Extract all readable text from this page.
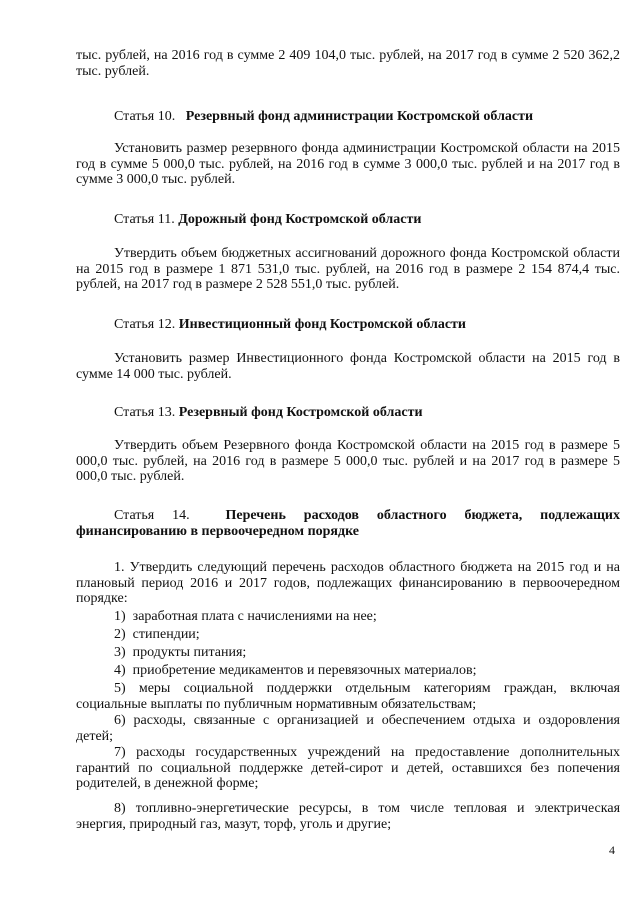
тыс. рублей, на 2016 год в сумме 2 409 104,0 тыс. рублей, на 2017 год в сумме 2 520 362,2 тыс. рублей.

Статья 10. Резервный фонд администрации Костромской области

Установить размер резервного фонда администрации Костромской области на 2015 год в сумме 5 000,0 тыс. рублей, на 2016 год в сумме 3 000,0 тыс. рублей и на 2017 год в сумме 3 000,0 тыс. рублей.

Статья 11. Дорожный фонд Костромской области

Утвердить объем бюджетных ассигнований дорожного фонда Костромской области на 2015 год в размере 1 871 531,0 тыс. рублей, на 2016 год в размере 2 154 874,4 тыс. рублей, на 2017 год в размере 2 528 551,0 тыс. рублей.

Статья 12. Инвестиционный фонд Костромской области

Установить размер Инвестиционного фонда Костромской области на 2015 год в сумме 14 000 тыс. рублей.

Статья 13. Резервный фонд Костромской области

Утвердить объем Резервного фонда Костромской области на 2015 год в размере 5 000,0 тыс. рублей, на 2016 год в размере 5 000,0 тыс. рублей и на 2017 год в размере 5 000,0 тыс. рублей.

Статья 14.	Перечень расходов областного бюджета, подлежащих финансированию в первоочередном порядке

1. Утвердить следующий перечень расходов областного бюджета на 2015 год и на плановый период 2016 и 2017 годов, подлежащих финансированию в первоочередном порядке:

1) заработная плата с начислениями на нее;
2) стипендии;
3) продукты питания;
4) приобретение медикаментов и перевязочных материалов;
5) меры социальной поддержки отдельным категориям граждан, включая социальные выплаты по публичным нормативным обязательствам;
6) расходы, связанные с организацией и обеспечением отдыха и оздоровления детей;
7) расходы государственных учреждений на предоставление дополнительных гарантий по социальной поддержке детей-сирот и детей, оставшихся без попечения родителей, в денежной форме;
8) топливно-энергетические ресурсы, в том числе тепловая и электрическая энергия, природный газ, мазут, торф, уголь и другие;
4
